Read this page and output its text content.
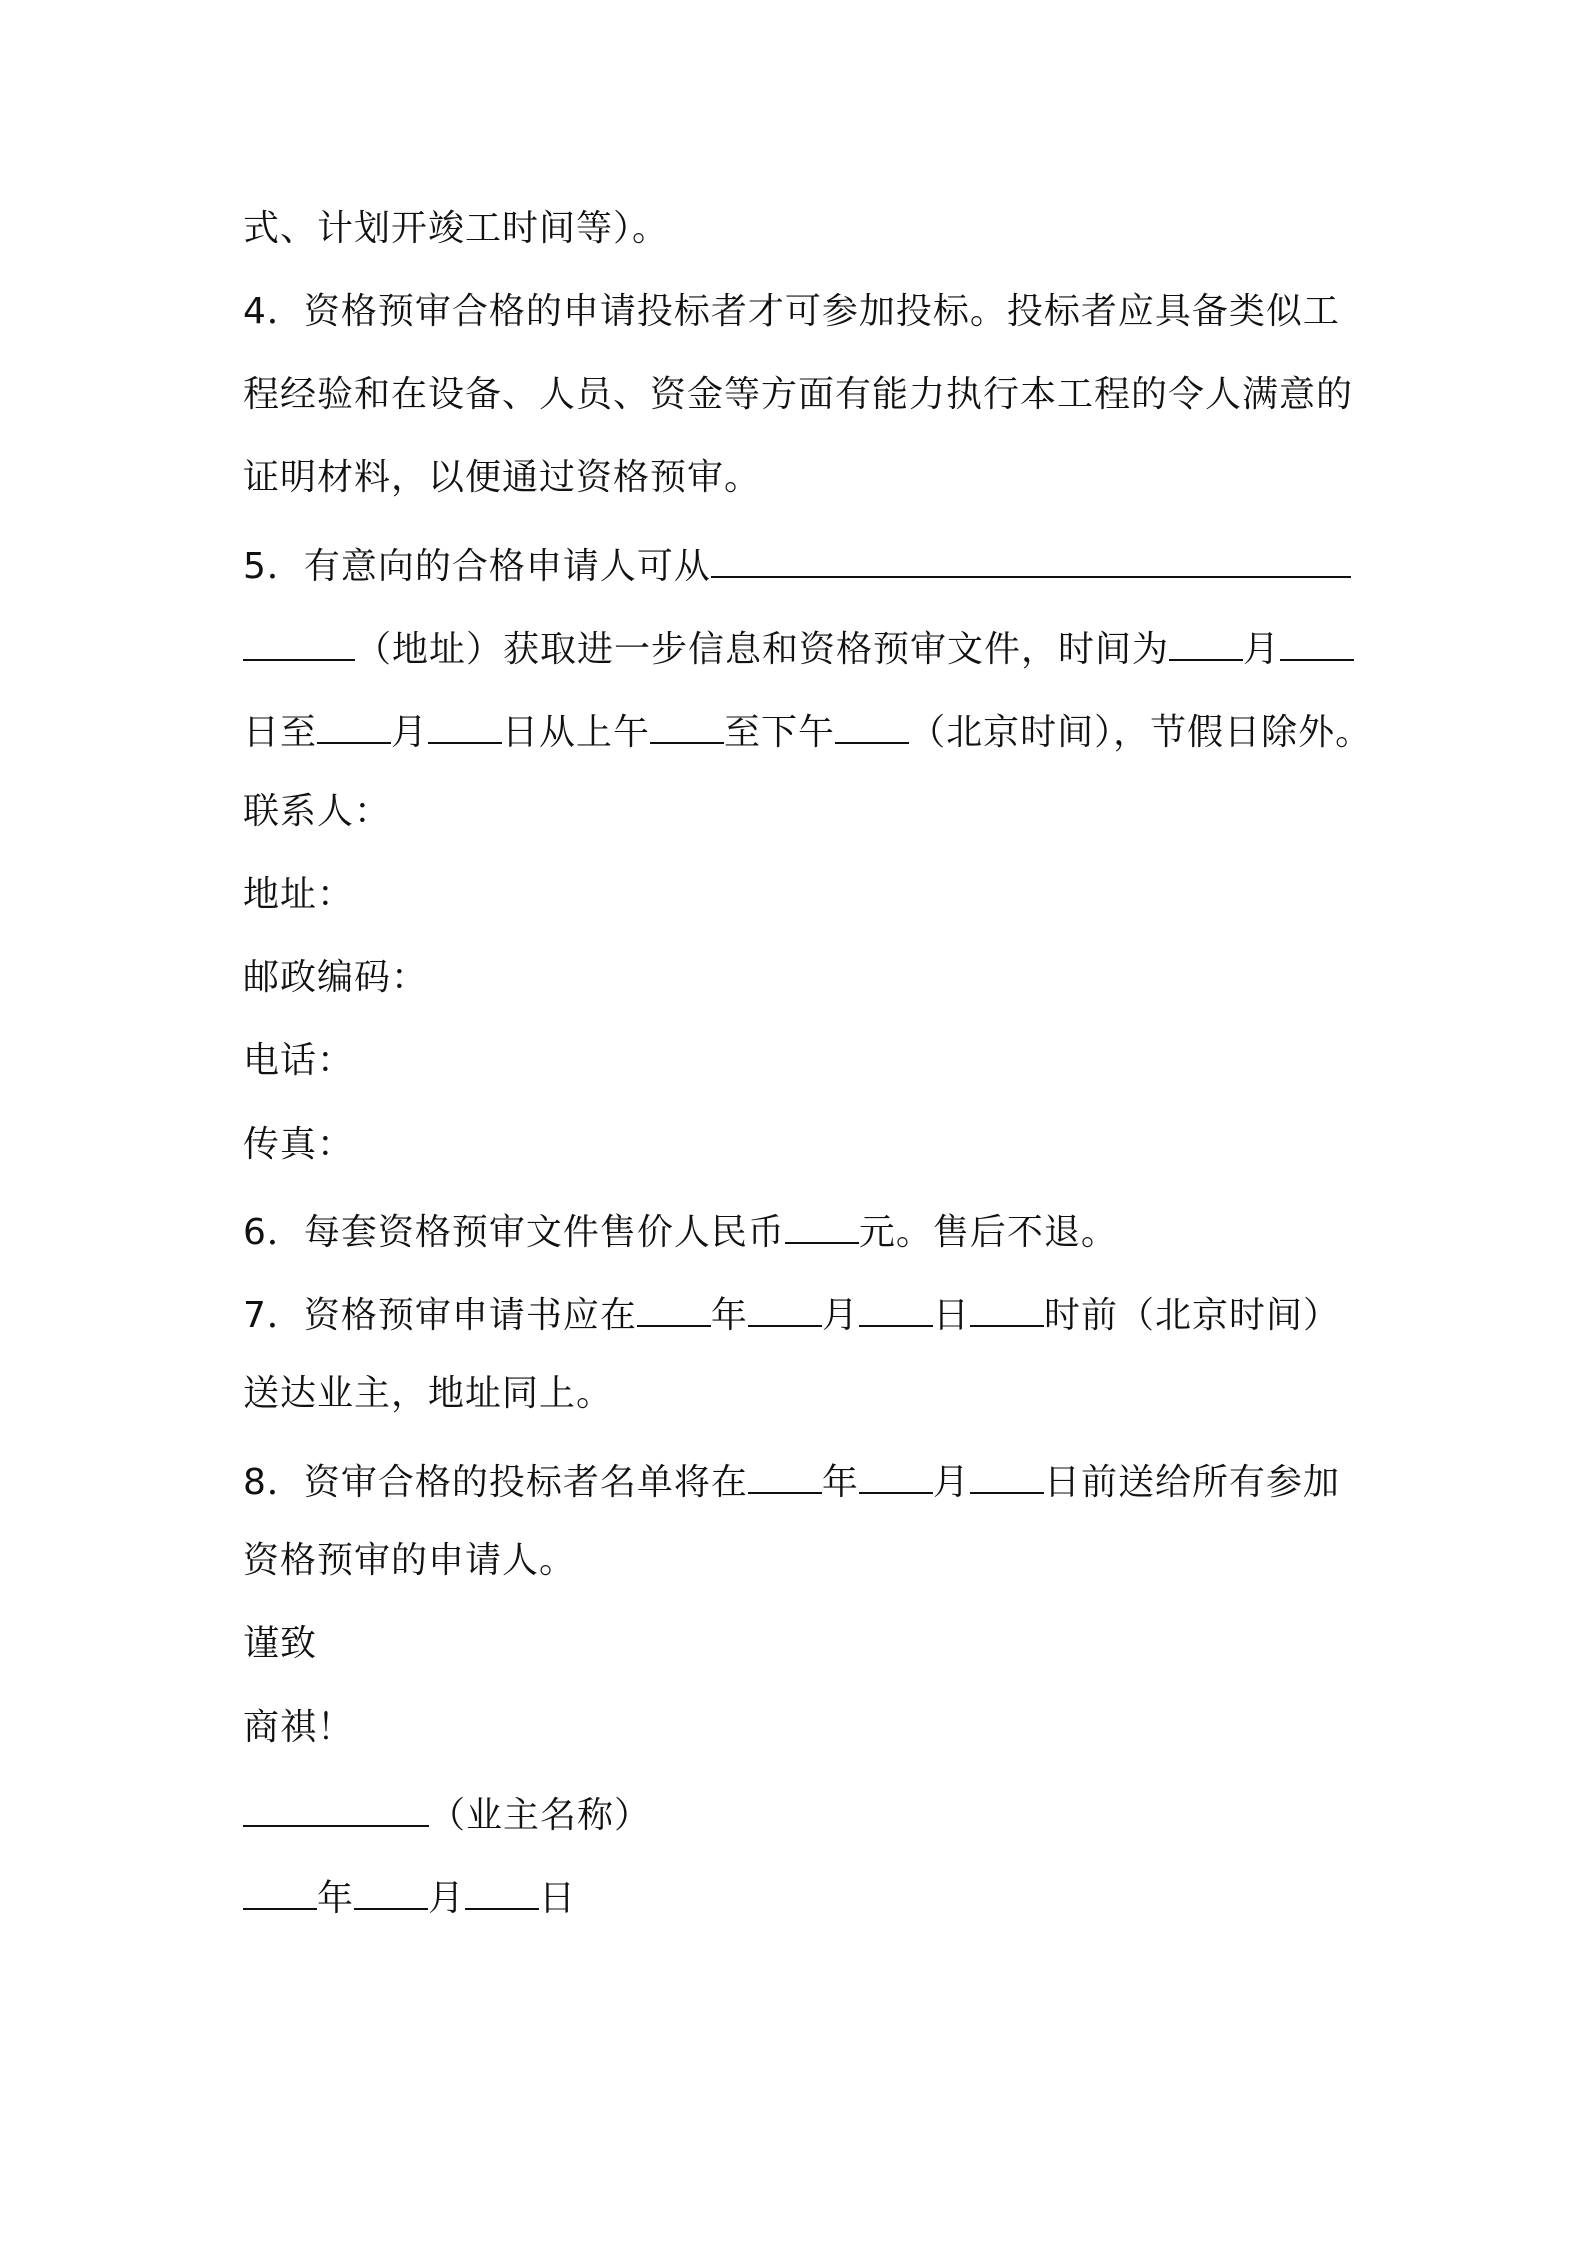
式、计划开竣工时间等）。
4．资格预审合格的申请投标者才可参加投标。投标者应具备类似工
程经验和在设备、人员、资金等方面有能力执行本工程的令人满意的
证明材料，以便通过资格预审。
5．有意向的合格申请人可从
（地址）获取进一步信息和资格预审文件，时间为 月
日至 月 日从上午 至下午 （北京时间），节假日除外。
联系人：
地址：
邮政编码：
电话：
传真：
6．每套资格预审文件售价人民币 元。售后不退。
7．资格预审申请书应在 年 月 日 时前（北京时间）
送达业主，地址同上。
8．资审合格的投标者名单将在 年 月 日前送给所有参加
资格预审的申请人。
谨致
商祺！
（业主名称）
年 月 日
